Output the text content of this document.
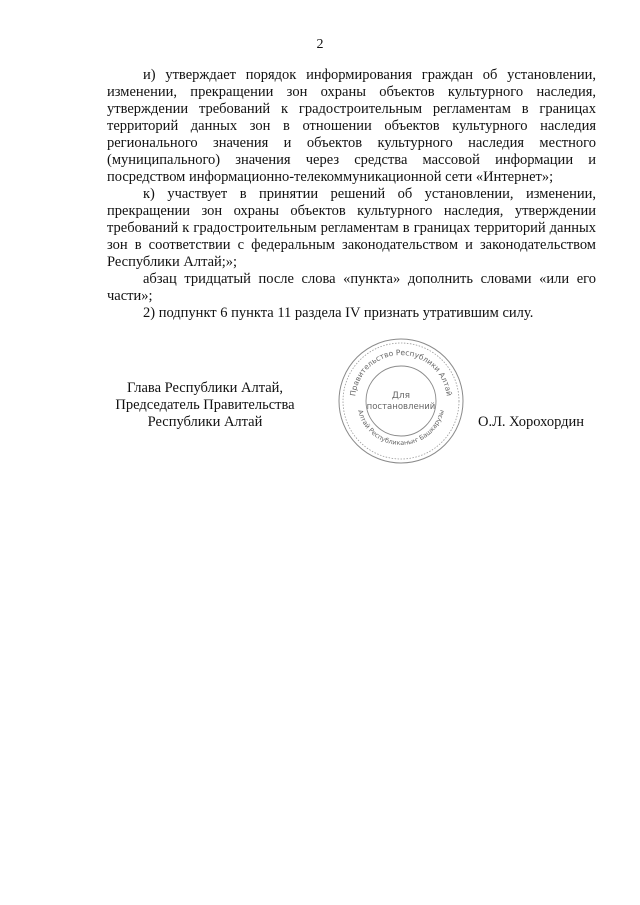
2

и) утверждает порядок информирования граждан об установлении, изменении, прекращении зон охраны объектов культурного наследия, утверждении требований к градостроительным регламентам в границах территорий данных зон в отношении объектов культурного наследия регионального значения и объектов культурного наследия местного (муниципального) значения через средства массовой информации и посредством информационно-телекоммуникационной сети «Интернет»;

к) участвует в принятии решений об установлении, изменении, прекращении зон охраны объектов культурного наследия, утверждении требований к градостроительным регламентам в границах территорий данных зон в соответствии с федеральным законодательством и законодательством Республики Алтай;»;

абзац тридцатый после слова «пункта» дополнить словами «или его части»;

2) подпункт 6 пункта 11 раздела IV признать утратившим силу.

Глава Республики Алтай,
Председатель Правительства
Республики Алтай
Правительство Республики Алтай
Алтай Республиканыҥ Башкарузы
Для
постановлений
О.Л. Хорохордин
